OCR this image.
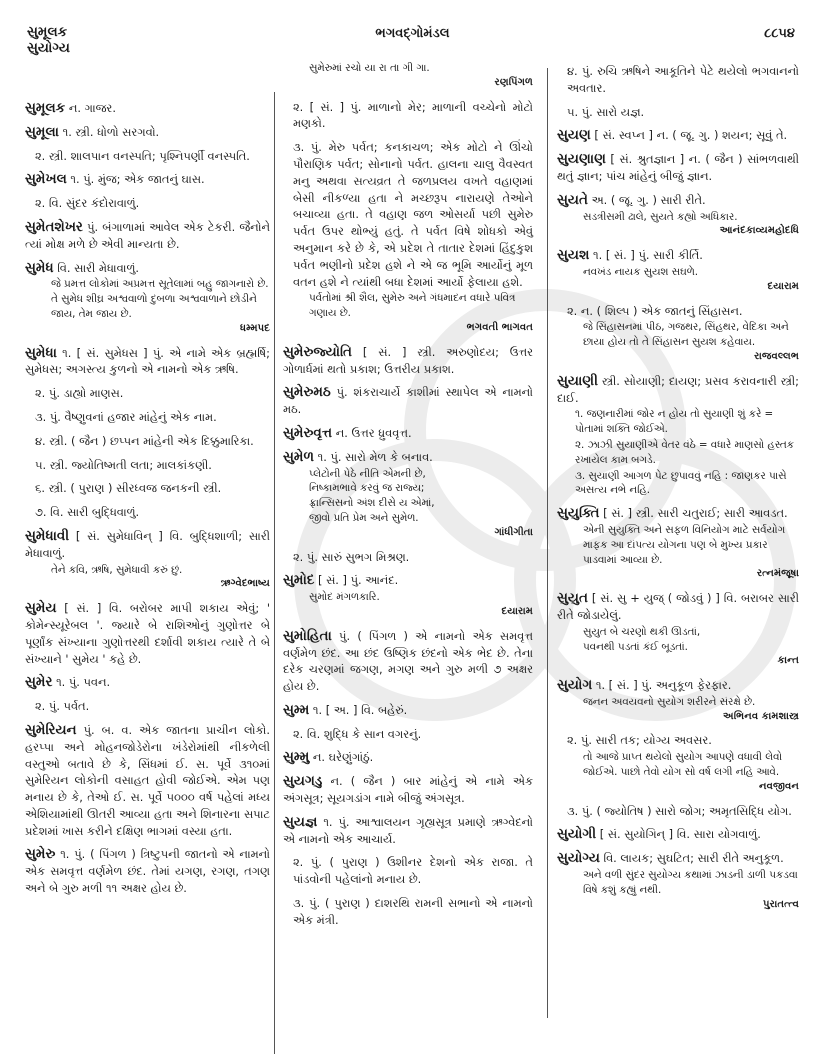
સુમૂલક
સુયોગ્ય
ભગવદ્ગોમંડલ	૮૮૫૪
સુમૂલક ન. ગાજર.
સુમૂલા ૧. સ્ત્રી. ધોળો સરગવો.
૨. સ્ત્રી. શાલપાન વનસ્પતિ; પૃશ્નિપર્ણી વનસ્પતિ.
સુમેખલ ૧. પું. મુંજ; એક જાતનું ઘાસ.
૨. વિ. સુંદર કંદોરાવાળું.
સુમેતશેખર પું. બંગાળામાં આવેલ એક ટેકરી. જૈનોને ત્યાં મોક્ષ મળે છે એવી માન્યતા છે.
સુમેધ વિ. સારી મેધાવાળું.
જે પ્રમત્ત લોકોમાં અપ્રમત્ત સૂતેલામાં બહુ જાગનારો છે. તે સુમેધ શીઘ્ર અશ્વવાળો દુબળા અશ્વવાળાને છોડીને જાય, તેમ જાય છે.
ધમ્મપદ
સુમેધા ૧. [ સં. સુમેધસ ] પું. એ નામે એક બ્રહ્મર્ષિ; સુમેધસ; અગસ્ત્ય કુળનો એ નામનો એક ઋષિ.
૨. પું. ડાહ્યો માણસ.
૩. પું. વૈષ્ણુવનાં હજાર માંહેનું એક નામ.
૪. સ્ત્રી. ( જૈન ) છપ્પન માંહેની એક દિક્કુમારિકા.
૫. સ્ત્રી. જ્યોતિષ્મતી લતા; માલકાંકણી.
૬. સ્ત્રી. ( પુરાણ ) સીરધ્વજ જનકની સ્ત્રી.
૭. વિ. સારી બુદ્ધિવાળું.
સુમેધાવી [ સં. સુમેધાવિન્ ] વિ. બુદ્ધિશાળી; સારી મેધાવાળું.
તેને કવિ, ઋષિ, સુમેધાવી કરું છું.
ઋગ્વેદભાષ્ય
સુમેય [ સં. ] વિ. બરોબર માપી શકાય એવું; ' કોમેન્સ્યૂરેબલ '. જ્યારે બે રાશિઓનું ગુણોત્તર બે પૂર્ણાંક સંખ્યાના ગુણોત્તરથી દર્શાવી શકાય ત્યારે તે બે સંખ્યાને ' સુમેય ' કહે છે.
સુમેર ૧. પું. પવન.
૨. પું. પર્વત.
સુમેરિયન પું. બ. વ. એક જાતના પ્રાચીન લોકો. હરપ્પા અને મોહનજોડેરોના ખંડેરોમાંથી નીકળેલી વસ્તુઓ બતાવે છે કે, સિંધમાં ઈ. સ. પૂર્વે ૩૧૦માં સુમેરિયન લોકોની વસાહત હોવી જોઈએ. એમ પણ મનાય છે કે, તેઓ ઈ. સ. પૂર્વે ૫૦૦૦ વર્ષ પહેલાં મધ્ય એશિયામાંથી ઊતરી આવ્યા હતા અને શિનારના સપાટ પ્રદેશમાં ખાસ કરીને દક્ષિણ ભાગમાં વસ્યા હતા.
સુમેરુ ૧. પું. ( પિંગળ ) ત્રિષ્ટુપની જાતનો એ નામનો એક સમવૃત્ત વર્ણમેળ છંદ. તેમાં યગણ, રગણ, તગણ અને બે ગુરુ મળી ૧૧ અક્ષર હોય છે.
સુમેરુમાં રચો યા રા તા ગી ગા.
રણપિંગળ
૨. [ સં. ] પું. માળાનો મેર; માળાની વચ્ચેનો મોટો મણકો.
૩. પું. મેરુ પર્વત; કનકાચળ; એક મોટો ને ઊંચો પૌરાણિક પર્વત; સોનાનો પર્વત. હાલના ચાલુ વૈવસ્વત મનુ અથવા સત્યવ્રત તે જળપ્રલય વખતે વહાણમાં બેસી નીકળ્યા હતા ને મચ્છરૂપ નારાયણે તેઓને બચાવ્યા હતા. તે વહાણ જળ ઓસર્યા પછી સુમેરુ પર્વત ઉપર થોભ્યું હતું. તે પર્વત વિષે શોધકો એવું અનુમાન કરે છે કે, એ પ્રદેશ તે તાતાર દેશમાં હિંદુકુશ પર્વત ભણીનો પ્રદેશ હશે ને એ જ ભૂમિ આર્યોનું મૂળ વતન હશે ને ત્યાંથી બધા દેશમાં આર્યો ફેલાયા હશે.
પર્વતોમાં શ્રી શૈલ, સુમેરુ અને ગંધમાદન વધારે પવિત્ર ગણાય છે.
ભગવતી ભાગવત
સુમેરુજ્યોતિ [ સં. ] સ્ત્રી. અરુણોદય; ઉત્તર ગોળાર્ધમાં થતો પ્રકાશ; ઉત્તરીય પ્રકાશ.
સુમેરુમઠ પું. શંકરાચાર્યે કાશીમાં સ્થાપેલ એ નામનો મઠ.
સુમેરુવૃત્ત ન. ઉત્તર ધ્રુવવૃત્ત.
સુમેળ ૧. પું. સારો મેળ કે બનાવ.
પ્લેટોની પેઠે નીતિ એમની છે,
નિષ્કામભાવે કરવું જ રાજ્ય;
ફ્રાન્સિસનો અંશ દીસે ય એમાં,
જીવો પ્રતિ પ્રેમ અને સુમેળ.
ગાંધીગીતા
૨. પું. સારું સુભગ મિશ્રણ.
સુમોદ [ સં. ] પું. આનંદ.
સુમોદ મંગળકારિ.
દયારામ
સુમોહિતા પું. ( પિંગળ ) એ નામનો એક સમવૃત્ત વર્ણમેળ છંદ. આ છંદ ઉષ્ણિક છંદનો એક ભેદ છે. તેના દરેક ચરણમાં જગણ, મગણ અને ગુરુ મળી ૭ અક્ષર હોય છે.
સુમ્મ ૧. [ અ. ] વિ. બહેરું.
૨. વિ. શુદ્ધિ કે સાન વગરનું.
સુમ્મુ ન. ઘરેણુંગાંઠું.
સુયગડુ ન. ( જૈન ) બાર માંહેનું એ નામે એક અંગસૂત્ર; સૂયગડાંગ નામે બીજું અંગસૂત્ર.
સુયજ્ઞ ૧. પું. આશ્વાલયન ગૃહ્યસૂત્ર પ્રમાણે ઋગ્વેદનો એ નામનો એક આચાર્ય.
૨. પું. ( પુરાણ ) ઉશીનર દેશનો એક રાજા. તે પાંડવોની પહેલાંનો મનાય છે.
૩. પું. ( પુરાણ ) દાશરથિ રામની સભાનો એ નામનો એક મંત્રી.
૪. પું. રુચિ ઋષિને આકૂતિને પેટે થયેલો ભગવાનનો અવતાર.
૫. પું. સારો યજ્ઞ.
સુયણ [ સં. સ્વપ્ન ] ન. ( જૂ. ગુ. ) શયન; સૂવું તે.
સુયણાણ [ સં. શ્રુતજ્ઞાન ] ન. ( જૈન ) સાંભળવાથી થતું જ્ઞાન; પાંચ માંહેનું બીજું જ્ઞાન.
સુયતે અ. ( જૂ. ગુ. ) સારી રીતે.
સડત્રીસમી ઢાલે, સુયતે કહ્યો અધિકાર.
આનંદકાવ્યમહોદધિ
સુયશ ૧. [ સં. ] પું. સારી કીર્તિ.
નવખંડ નાયક સુયશ સઘળે.
દયારામ
૨. ન. ( શિલ્પ ) એક જાતનું સિંહાસન.
જે સિંહાસનમાં પીઠ, ગજથર, સિંહથર, વેદિકા અને છાયા હોય તો તે સિંહાસન સુયશ કહેવાય.
રાજવલ્લભ
સુયાણી સ્ત્રી. સોયાણી; દાયણ; પ્રસવ કરાવનારી સ્ત્રી; દાઈ.
૧. જણનારીમાં જોર ન હોય તો સુયાણી શું કરે = પોતામાં શક્તિ જોઈએ.
૨. ઝાઝી સુયાણીએ વેતર વંઠે = વધારે માણસો હસ્તક રખાયેલ કામ બગડે.
૩. સુયાણી આગળ પેટ છુપાવવું નહિ : જાણકર પાસે અસત્ય નભે નહિ.
સુયુક્તિ [ સં. ] સ્ત્રી. સારી ચતુરાઈ; સારી આવડત.
એની સુયુક્તિ અને સફળ વિનિયોગ માટે સર્વયોગ માફક આ દાંપત્ય યોગના પણ બે મુખ્ય પ્રકાર પાડવામાં આવ્યા છે.
રત્નમંજૂષા
સુયુત [ સં. સુ + યુજ્ ( જોડવું ) ] વિ. બરાબર સારી રીતે જોડાયેલું.
સુયુત બે ચરણો થકી ઊડતાં,
પવનથી પડતાં કંઈ બૂડતાં.
કાન્ત
સુયોગ ૧. [ સં. ] પું. અનુકૂળ ફેરફાર.
જનન અવયવનો સુયોગ શરીરને સંરક્ષે છે.
અભિનવ કામશાસ્ત્ર
૨. પું. સારી તક; યોગ્ય અવસર.
તો આજે પ્રાપ્ત થયેલો સુયોગ આપણે વધાવી લેવો જોઈએ. પાછો તેવો યોગ સો વર્ષ લગી નહિ આવે.
નવજીવન
૩. પું. ( જ્યોતિષ ) સારો જોગ; અમૃતસિદ્ધિ યોગ.
સુયોગી [ સં. સુયોગિન્ ] વિ. સારા યોગવાળું.
સુયોગ્ય વિ. લાયક; સુઘટિત; સારી રીતે અનુકૂળ.
અને વળી સુંદર સુયોગ્ય કથામાં ઝાડની ડાળી પકડવા વિષે કશું કહ્યું નથી.
પુરાતત્ત્વ
